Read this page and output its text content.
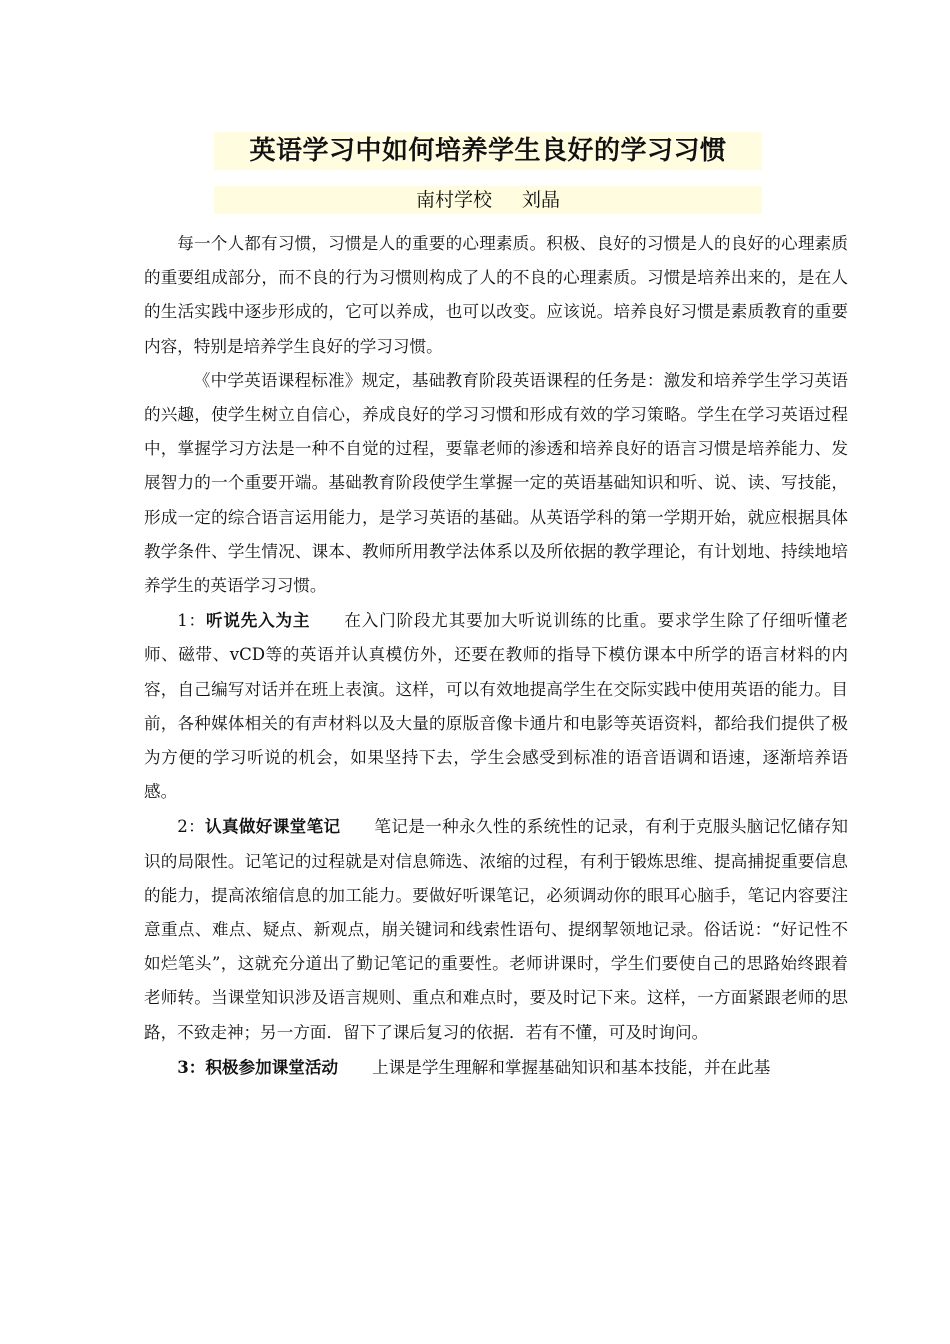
英语学习中如何培养学生良好的学习习惯
南村学校 刘晶

每一个人都有习惯，习惯是人的重要的心理素质。积极、良好的习惯是人的良好的心理素质的重要组成部分，而不良的行为习惯则构成了人的不良的心理素质。习惯是培养出来的，是在人的生活实践中逐步形成的，它可以养成，也可以改变。应该说。培养良好习惯是素质教育的重要内容，特别是培养学生良好的学习习惯。

《中学英语课程标准》规定，基础教育阶段英语课程的任务是：激发和培养学生学习英语的兴趣，使学生树立自信心，养成良好的学习习惯和形成有效的学习策略。学生在学习英语过程中，掌握学习方法是一种不自觉的过程，要靠老师的渗透和培养良好的语言习惯是培养能力、发展智力的一个重要开端。基础教育阶段使学生掌握一定的英语基础知识和听、说、读、写技能，形成一定的综合语言运用能力，是学习英语的基础。从英语学科的第一学期开始，就应根据具体教学条件、学生情况、课本、教师所用教学法体系以及所依据的教学理论，有计划地、持续地培养学生的英语学习习惯。

1：听说先入为主 在入门阶段尤其要加大听说训练的比重。要求学生除了仔细听懂老师、磁带、vCD等的英语并认真模仿外，还要在教师的指导下模仿课本中所学的语言材料的内容，自己编写对话并在班上表演。这样，可以有效地提高学生在交际实践中使用英语的能力。目前，各种媒体相关的有声材料以及大量的原版音像卡通片和电影等英语资料，都给我们提供了极为方便的学习听说的机会，如果坚持下去，学生会感受到标准的语音语调和语速，逐渐培养语感。

2：认真做好课堂笔记 笔记是一种永久性的系统性的记录，有利于克服头脑记忆储存知识的局限性。记笔记的过程就是对信息筛选、浓缩的过程，有利于锻炼思维、提高捕捉重要信息的能力，提高浓缩信息的加工能力。要做好听课笔记，必须调动你的眼耳心脑手，笔记内容要注意重点、难点、疑点、新观点，崩关键词和线索性语句、提纲挈领地记录。俗话说：“好记性不如烂笔头”，这就充分道出了勤记笔记的重要性。老师讲课时，学生们要使自己的思路始终跟着老师转。当课堂知识涉及语言规则、重点和难点时，要及时记下来。这样，一方面紧跟老师的思路，不致走神；另一方面．留下了课后复习的依据．若有不懂，可及时询问。

3：积极参加课堂活动 上课是学生理解和掌握基础知识和基本技能，并在此基
